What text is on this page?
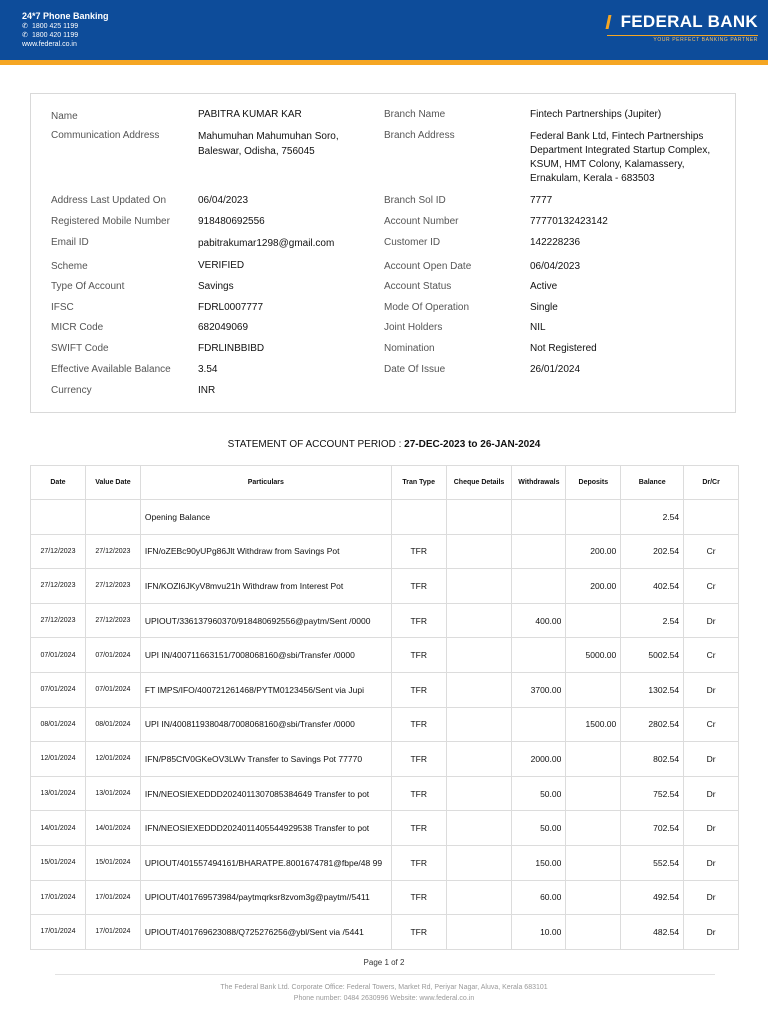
24*7 Phone Banking
✆ 1800 425 1199
✆ 1800 420 1199
www.federal.co.in
FEDERAL BANK
YOUR PERFECT BANKING PARTNER
Name	PABITRA KUMAR KAR
Communication Address	Mahumuhan Mahumuhan Soro,
Baleswar, Odisha, 756045
Address Last Updated On	06/04/2023
Registered Mobile Number	918480692556
Email ID	pabitrakumar1298@gmail.com
Scheme	VERIFIED
Type Of Account	Savings
IFSC	FDRL0007777
MICR Code	682049069
SWIFT Code	FDRLINBBIBD
Effective Available Balance	3.54
Currency	INR
Branch Name	Fintech Partnerships (Jupiter)
Branch Address	Federal Bank Ltd, Fintech Partnerships
Department Integrated Startup Complex,
KSUM, HMT Colony, Kalamassery,
Ernakulam, Kerala - 683503
Branch Sol ID	7777
Account Number	77770132423142
Customer ID	142228236
Account Open Date	06/04/2023
Account Status	Active
Mode Of Operation	Single
Joint Holders	NIL
Nomination	Not Registered
Date Of Issue	26/01/2024
STATEMENT OF ACCOUNT PERIOD : 27-DEC-2023 to 26-JAN-2024
Date	Value Date	Particulars	Tran Type	Cheque Details	Withdrawals	Deposits	Balance	Dr/Cr
		Opening Balance					2.54	
27/12/2023	27/12/2023	IFN/oZEBc90yUPg86Jlt Withdraw from Savings Pot	TFR			200.00	202.54	Cr
27/12/2023	27/12/2023	IFN/KOZI6JKyV8mvu21h Withdraw from Interest Pot	TFR			200.00	402.54	Cr
27/12/2023	27/12/2023	UPIOUT/336137960370/918480692556@paytm/Sent /0000	TFR		400.00		2.54	Dr
07/01/2024	07/01/2024	UPI IN/400711663151/7008068160@sbi/Transfer /0000	TFR			5000.00	5002.54	Cr
07/01/2024	07/01/2024	FT IMPS/IFO/400721261468/PYTM0123456/Sent via Jupi	TFR		3700.00		1302.54	Dr
08/01/2024	08/01/2024	UPI IN/400811938048/7008068160@sbi/Transfer /0000	TFR			1500.00	2802.54	Cr
12/01/2024	12/01/2024	IFN/P85CfV0GKeOV3LWv Transfer to Savings Pot 77770	TFR		2000.00		802.54	Dr
13/01/2024	13/01/2024	IFN/NEOSIEXEDDD2024011307085384649 Transfer to pot	TFR		50.00		752.54	Dr
14/01/2024	14/01/2024	IFN/NEOSIEXEDDD2024011405544929538 Transfer to pot	TFR		50.00		702.54	Dr
15/01/2024	15/01/2024	UPIOUT/401557494161/BHARATPE.8001674781@fbpe/48 99	TFR		150.00		552.54	Dr
17/01/2024	17/01/2024	UPIOUT/401769573984/paytmqrksr8zvom3g@paytm//5411	TFR		60.00		492.54	Dr
17/01/2024	17/01/2024	UPIOUT/401769623088/Q725276256@ybl/Sent via /5441	TFR		10.00		482.54	Dr
Page 1 of 2
The Federal Bank Ltd. Corporate Office: Federal Towers, Market Rd, Periyar Nagar, Aluva, Kerala 683101
Phone number: 0484 2630996 Website: www.federal.co.in
